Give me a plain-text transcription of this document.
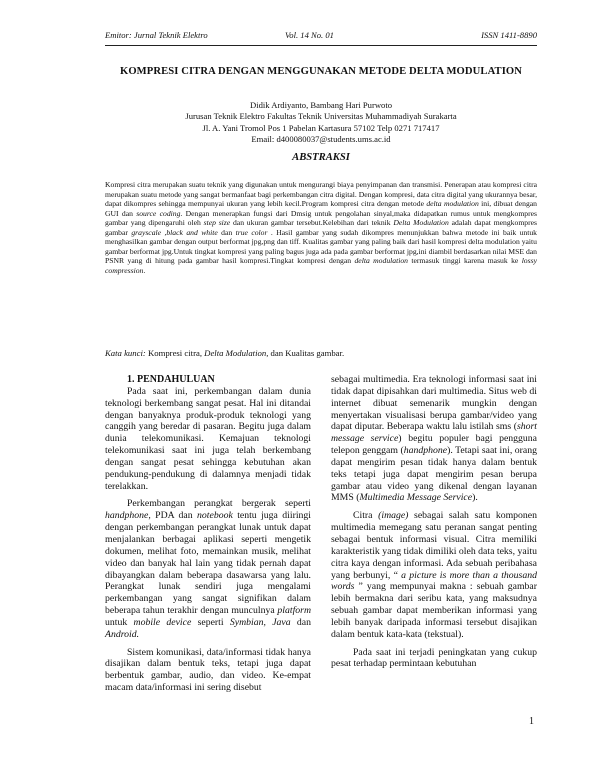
Emitor: Jurnal Teknik Elektro	Vol. 14 No. 01	ISSN 1411-8890
KOMPRESI CITRA DENGAN MENGGUNAKAN METODE DELTA MODULATION
Didik Ardiyanto, Bambang Hari Purwoto
Jurusan Teknik Elektro Fakultas Teknik Universitas Muhammadiyah Surakarta
Jl. A. Yani Tromol Pos 1 Pabelan Kartasura 57102 Telp 0271 717417
Email: d400080037@students.ums.ac.id
ABSTRAKSI
Kompresi citra merupakan suatu teknik yang digunakan untuk mengurangi biaya penyimpanan dan transmisi. Penerapan atau kompresi citra merupakan suatu metode yang sangat bermanfaat bagi perkembangan citra digital. Dengan kompresi, data citra digital yang ukurannya besar, dapat dikompres sehingga mempunyai ukuran yang lebih kecil.Program kompresi citra dengan metode delta modulation ini, dibuat dengan GUI dan source coding. Dengan menerapkan fungsi dari Dmsig untuk pengolahan sinyal,maka didapatkan rumus untuk mengkompres gambar yang dipengaruhi oleh step size dan ukuran gambar tersebut.Kelebihan dari teknik Delta Modulation adalah dapat mengkompres gambar grayscale ,black and white dan true color . Hasil gambar yang sudah dikompres menunjukkan bahwa metode ini baik untuk menghasilkan gambar dengan output berformat jpg,png dan tiff. Kualitas gambar yang paling baik dari hasil kompresi delta modulation yaitu gambar berformat jpg.Untuk tingkat kompresi yang paling bagus juga ada pada gambar berformat jpg,ini diambil berdasarkan nilai MSE dan PSNR yang di hitung pada gambar hasil kompresi.Tingkat kompresi dengan delta modulation termasuk tinggi karena masuk ke lossy compression.
Kata kunci: Kompresi citra, Delta Modulation, dan Kualitas gambar.

1. PENDAHULUAN

Pada saat ini, perkembangan dalam dunia teknologi berkembang sangat pesat. Hal ini ditandai dengan banyaknya produk-produk teknologi yang canggih yang beredar di pasaran. Begitu juga dalam dunia telekomunikasi. Kemajuan teknologi telekomunikasi saat ini juga telah berkembang dengan sangat pesat sehingga kebutuhan akan pendukung-pendukung di dalamnya menjadi tidak terelakkan.

Perkembangan perangkat bergerak seperti handphone, PDA dan notebook tentu juga diiringi dengan perkembangan perangkat lunak untuk dapat menjalankan berbagai aplikasi seperti mengetik dokumen, melihat foto, memainkan musik, melihat video dan banyak hal lain yang tidak pernah dapat dibayangkan dalam beberapa dasawarsa yang lalu. Perangkat lunak sendiri juga mengalami perkembangan yang sangat signifikan dalam beberapa tahun terakhir dengan munculnya platform untuk mobile device seperti Symbian, Java dan Android.

Sistem komunikasi, data/informasi tidak hanya disajikan dalam bentuk teks, tetapi juga dapat berbentuk gambar, audio, dan video. Ke-empat macam data/informasi ini sering disebut

sebagai multimedia. Era teknologi informasi saat ini tidak dapat dipisahkan dari multimedia. Situs web di internet dibuat semenarik mungkin dengan menyertakan visualisasi berupa gambar/video yang dapat diputar. Beberapa waktu lalu istilah sms (short message service) begitu populer bagi pengguna telepon genggam (handphone). Tetapi saat ini, orang dapat mengirim pesan tidak hanya dalam bentuk teks tetapi juga dapat mengirim pesan berupa gambar atau video yang dikenal dengan layanan MMS (Multimedia Message Service).

Citra (image) sebagai salah satu komponen multimedia memegang satu peranan sangat penting sebagai bentuk informasi visual. Citra memiliki karakteristik yang tidak dimiliki oleh data teks, yaitu citra kaya dengan informasi. Ada sebuah peribahasa yang berbunyi, “ a picture is more than a thousand words ” yang mempunyai makna : sebuah gambar lebih bermakna dari seribu kata, yang maksudnya sebuah gambar dapat memberikan informasi yang lebih banyak daripada informasi tersebut disajikan dalam bentuk kata-kata (tekstual).

Pada saat ini terjadi peningkatan yang cukup pesat terhadap permintaan kebutuhan

1
